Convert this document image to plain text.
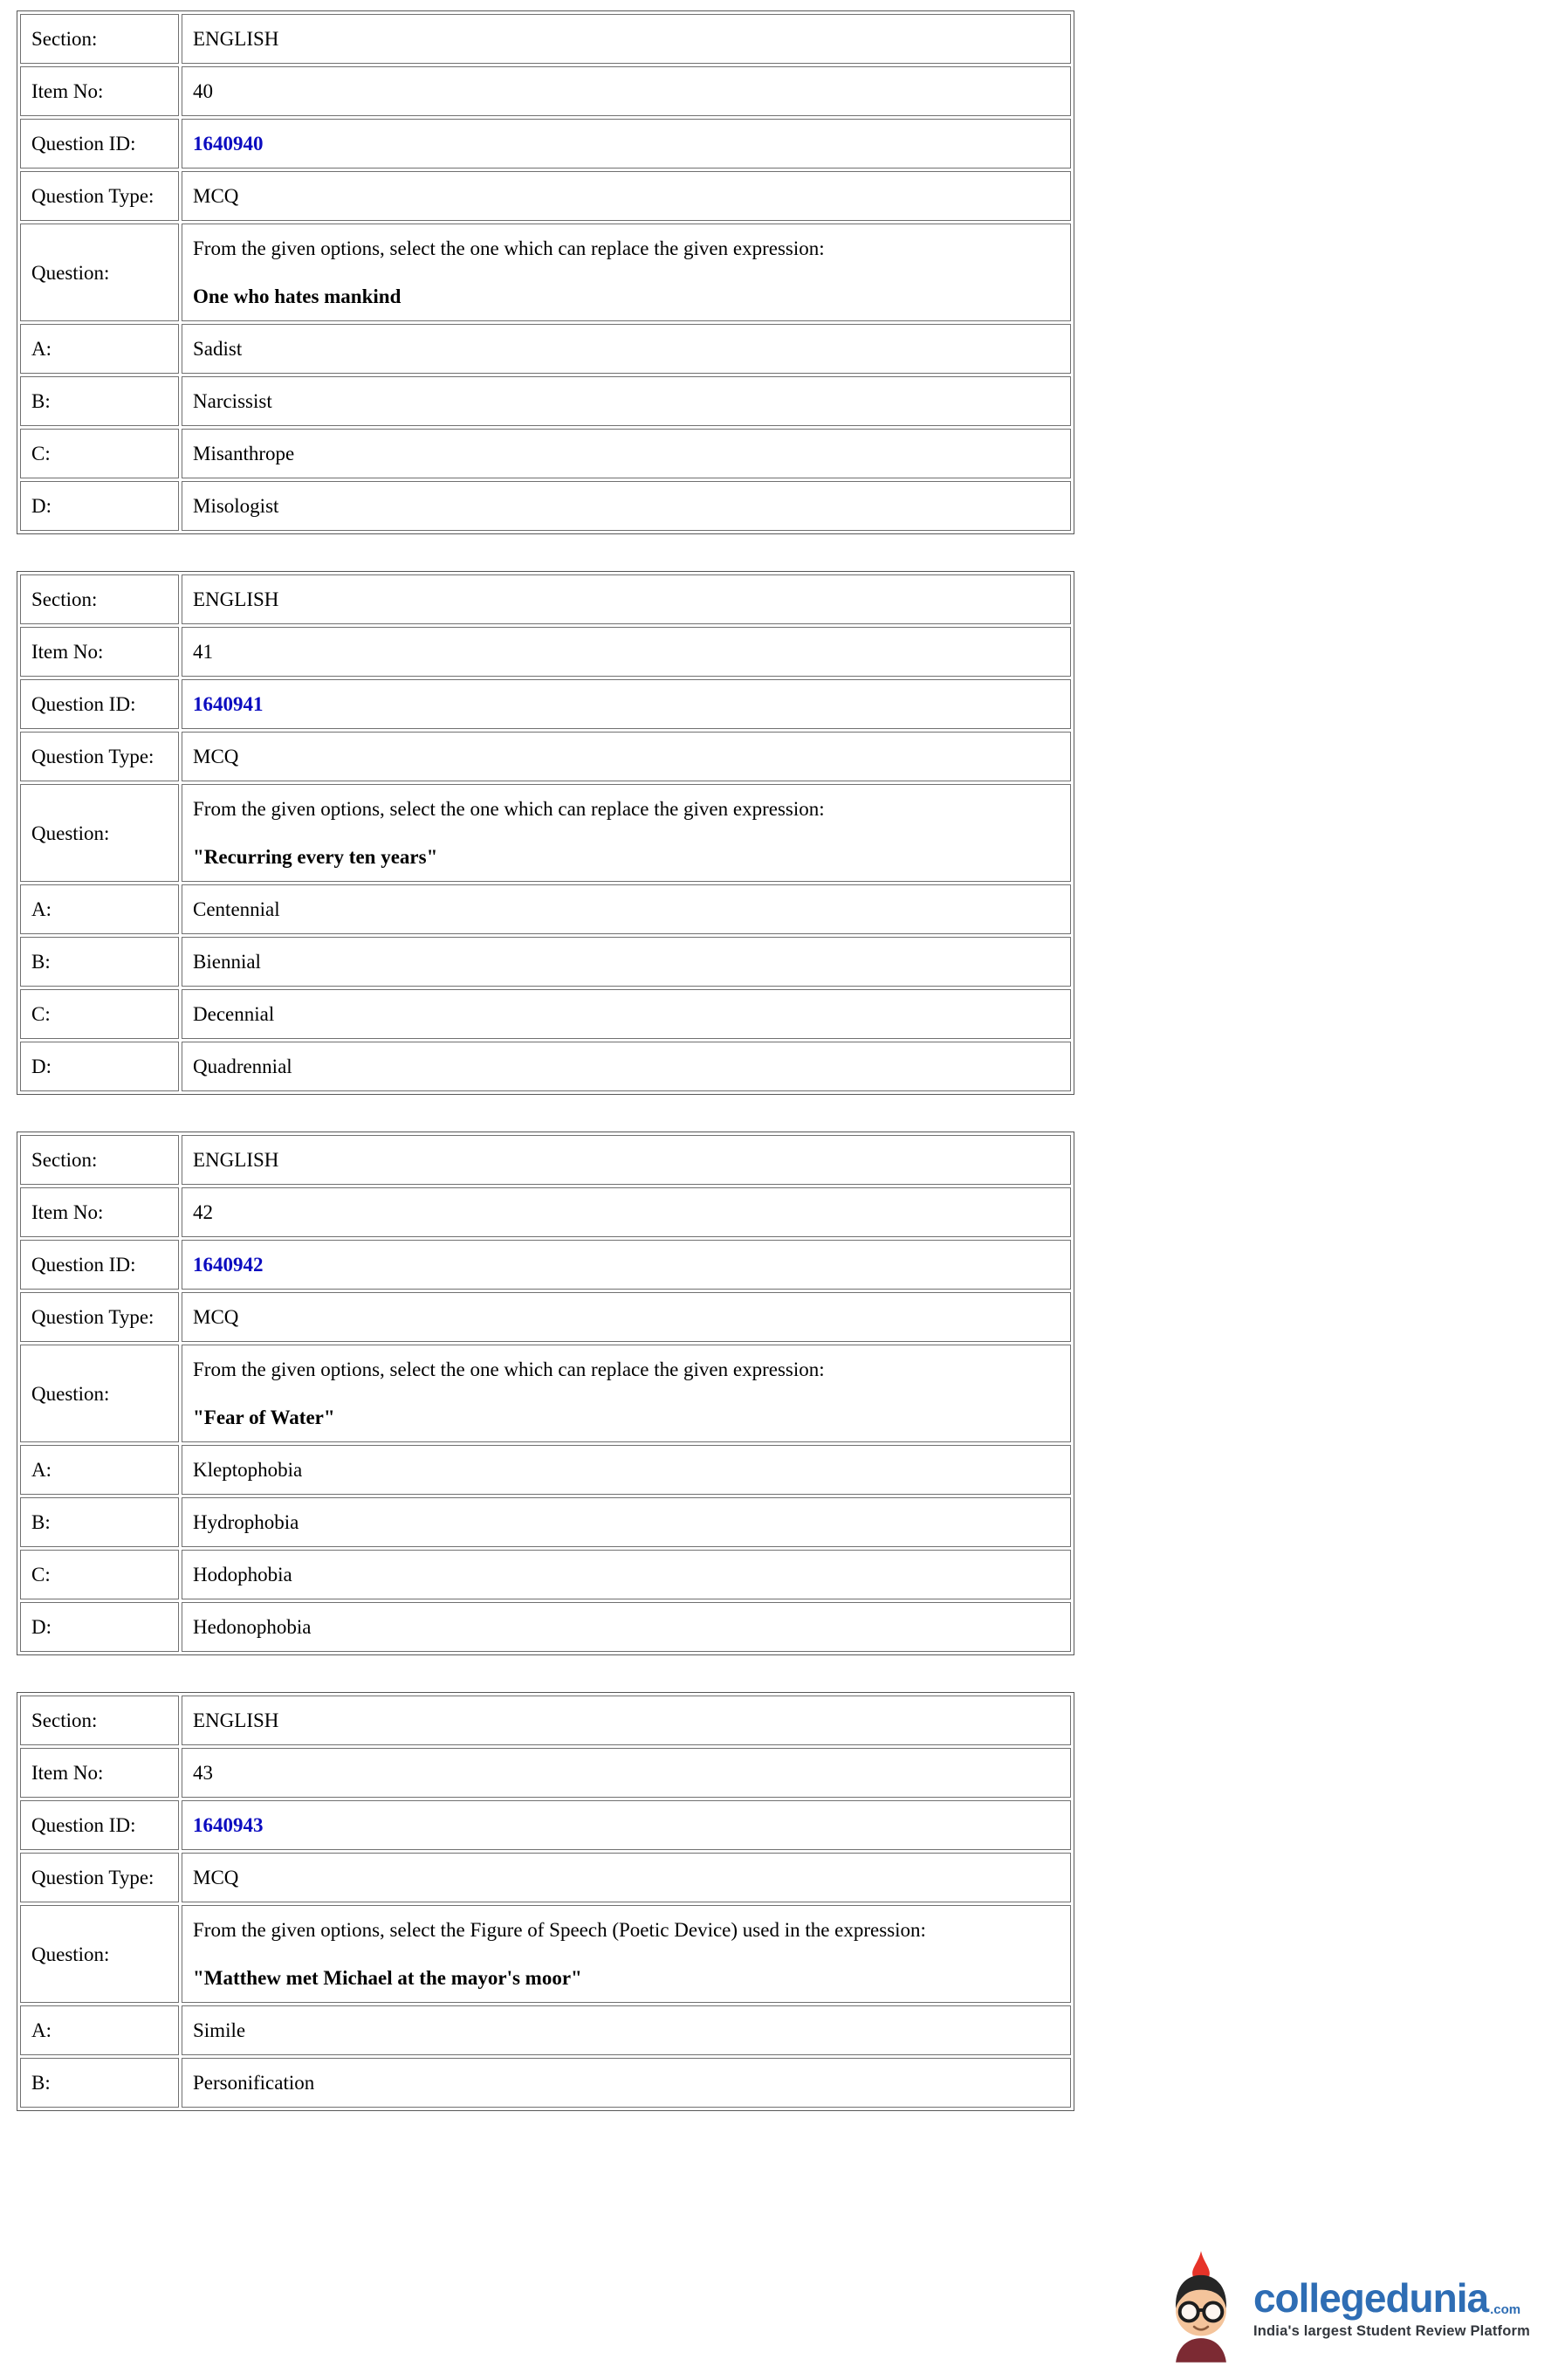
Section:	ENGLISH
Item No:	40
Question ID:	1640940
Question Type:	MCQ
Question:	From the given options, select the one which can replace the given expression:
One who hates mankind

A:	Sadist
B:	Narcissist
C:	Misanthrope
D:	Misologist
Section:	ENGLISH
Item No:	41
Question ID:	1640941
Question Type:	MCQ
Question:	From the given options, select the one which can replace the given expression:
"Recurring every ten years"

A:	Centennial
B:	Biennial
C:	Decennial
D:	Quadrennial
Section:	ENGLISH
Item No:	42
Question ID:	1640942
Question Type:	MCQ
Question:	From the given options, select the one which can replace the given expression:
"Fear of Water"

A:	Kleptophobia
B:	Hydrophobia
C:	Hodophobia
D:	Hedonophobia
Section:	ENGLISH
Item No:	43
Question ID:	1640943
Question Type:	MCQ
Question:	From the given options, select the Figure of Speech (Poetic Device) used in the expression:
"Matthew met Michael at the mayor's moor"

A:	Simile
B:	Personification
collegedunia .com
India's largest Student Review Platform
